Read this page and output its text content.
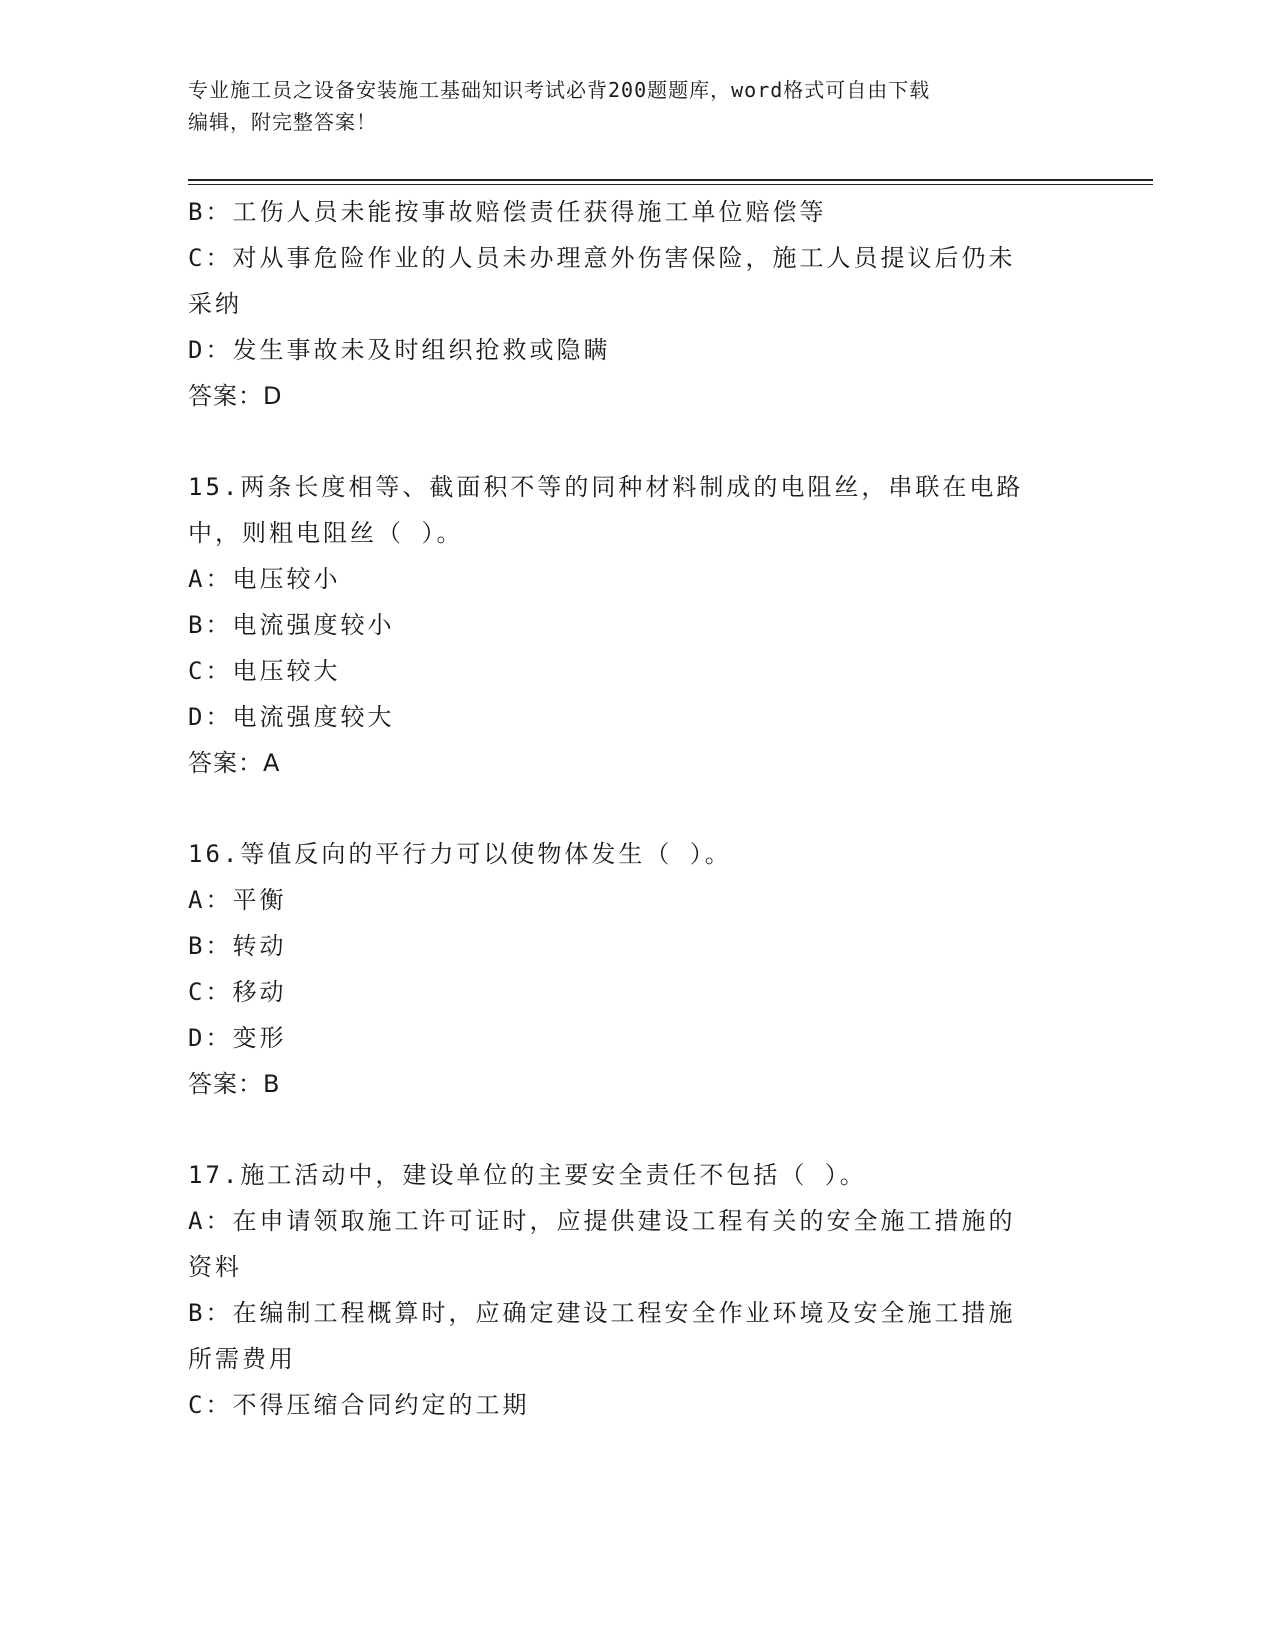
专业施工员之设备安装施工基础知识考试必背200题题库，word格式可自由下载
编辑，附完整答案！
B：工伤人员未能按事故赔偿责任获得施工单位赔偿等
C：对从事危险作业的人员未办理意外伤害保险，施工人员提议后仍未
采纳
D：发生事故未及时组织抢救或隐瞒
答案：D
15.两条长度相等、截面积不等的同种材料制成的电阻丝，串联在电路
中，则粗电阻丝（ ）。
A：电压较小
B：电流强度较小
C：电压较大
D：电流强度较大
答案：A
16.等值反向的平行力可以使物体发生（ ）。
A：平衡
B：转动
C：移动
D：变形
答案：B
17.施工活动中，建设单位的主要安全责任不包括（ ）。
A：在申请领取施工许可证时，应提供建设工程有关的安全施工措施的
资料
B：在编制工程概算时，应确定建设工程安全作业环境及安全施工措施
所需费用
C：不得压缩合同约定的工期
